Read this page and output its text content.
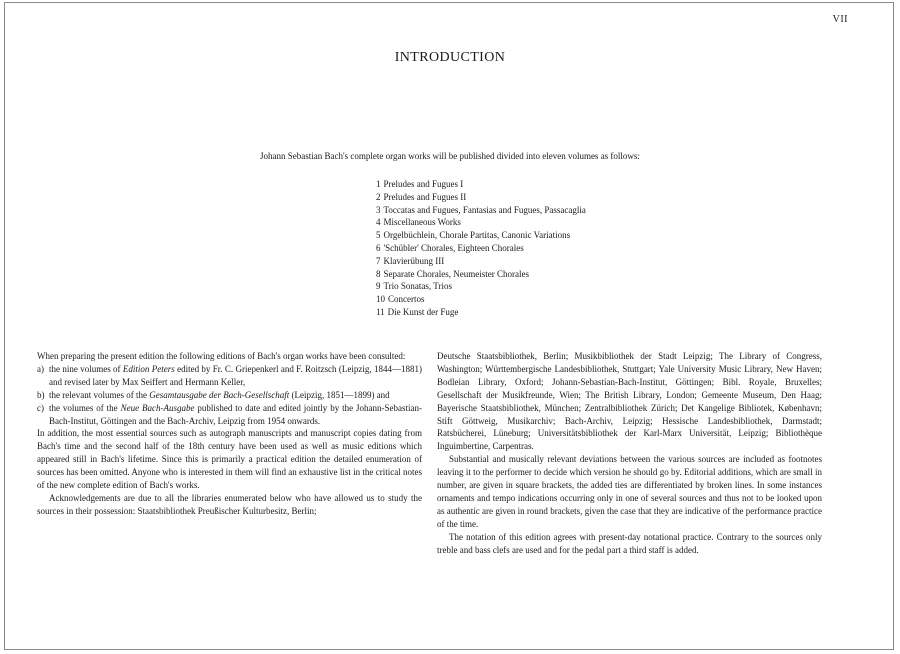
VII
INTRODUCTION
Johann Sebastian Bach's complete organ works will be published divided into eleven volumes as follows:
1 Preludes and Fugues I
2 Preludes and Fugues II
3 Toccatas and Fugues, Fantasias and Fugues, Passacaglia
4 Miscellaneous Works
5 Orgelbüchlein, Chorale Partitas, Canonic Variations
6 'Schübler' Chorales, Eighteen Chorales
7 Klavierübung III
8 Separate Chorales, Neumeister Chorales
9 Trio Sonatas, Trios
10 Concertos
11 Die Kunst der Fuge

When preparing the present edition the following editions of Bach's organ works have been consulted:

a) the nine volumes of Edition Peters edited by Fr. C. Griepenkerl and F. Roitzsch (Leipzig, 1844—1881) and revised later by Max Seiffert and Hermann Keller,
b) the relevant volumes of the Gesamtausgabe der Bach-Gesellschaft (Leipzig, 1851—1899) and
c) the volumes of the Neue Bach-Ausgabe published to date and edited jointly by the Johann-Sebastian-Bach-Institut, Göttingen and the Bach-Archiv, Leipzig from 1954 onwards.

In addition, the most essential sources such as autograph manuscripts and manuscript copies dating from Bach's time and the second half of the 18th century have been used as well as music editions which appeared still in Bach's lifetime. Since this is primarily a practical edition the detailed enumeration of sources has been omitted. Anyone who is interested in them will find an exhaustive list in the critical notes of the new complete edition of Bach's works.

Acknowledgements are due to all the libraries enumerated below who have allowed us to study the sources in their possession: Staatsbibliothek Preußischer Kulturbesitz, Berlin;

Deutsche Staatsbibliothek, Berlin; Musikbibliothek der Stadt Leipzig; The Library of Congress, Washington; Württembergische Landesbibliothek, Stuttgart; Yale University Music Library, New Haven; Bodleian Library, Oxford; Johann-Sebastian-Bach-Institut, Göttingen; Bibl. Royale, Bruxelles; Gesellschaft der Musikfreunde, Wien; The British Library, London; Gemeente Museum, Den Haag; Bayerische Staatsbibliothek, München; Zentralbibliothek Zürich; Det Kangelige Bibliotek, København; Stift Göttweig, Musikarchiv; Bach-Archiv, Leipzig; Hessische Landesbibliothek, Darmstadt; Ratsbücherei, Lüneburg; Universitätsbibliothek der Karl-Marx Universität, Leipzig; Bibliothèque Inguimbertine, Carpentras.

Substantial and musically relevant deviations between the various sources are included as footnotes leaving it to the performer to decide which version he should go by. Editorial additions, which are small in number, are given in square brackets, the added ties are differentiated by broken lines. In some instances ornaments and tempo indications occurring only in one of several sources and thus not to be looked upon as authentic are given in round brackets, given the case that they are indicative of the performance practice of the time.

The notation of this edition agrees with present-day notational practice. Contrary to the sources only treble and bass clefs are used and for the pedal part a third staff is added.
